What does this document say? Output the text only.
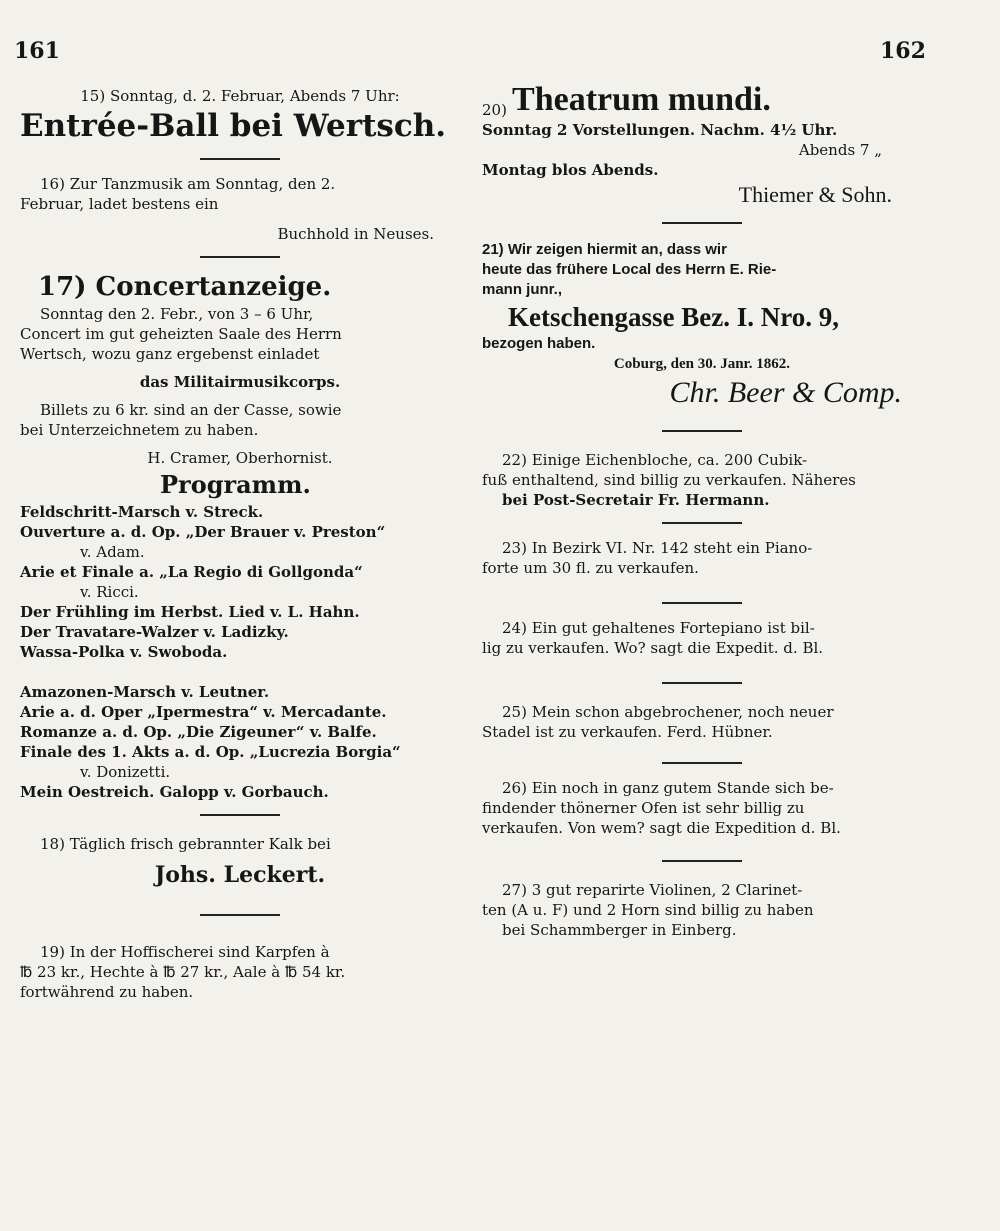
161	162
15) Sonntag, d. 2. Februar, Abends 7 Uhr:
Entrée-Ball bei Wertsch.
16) Zur Tanzmusik am Sonntag, den 2.
Februar, ladet bestens ein
Buchhold in Neuses.
17) Concertanzeige.
Sonntag den 2. Febr., von 3 – 6 Uhr,
Concert im gut geheizten Saale des Herrn
Wertsch, wozu ganz ergebenst einladet
das Militairmusikcorps.
Billets zu 6 kr. sind an der Casse, sowie
bei Unterzeichnetem zu haben.
H. Cramer, Oberhornist.
Programm.
Feldschritt-Marsch v. Streck.
Ouverture a. d. Op. „Der Brauer v. Preston“
v. Adam.
Arie et Finale a. „La Regio di Gollgonda“
v. Ricci.
Der Frühling im Herbst. Lied v. L. Hahn.
Der Travatare-Walzer v. Ladizky.
Wassa-Polka v. Swoboda.
Amazonen-Marsch v. Leutner.
Arie a. d. Oper „Ipermestra“ v. Mercadante.
Romanze a. d. Op. „Die Zigeuner“ v. Balfe.
Finale des 1. Akts a. d. Op. „Lucrezia Borgia“
v. Donizetti.
Mein Oestreich. Galopp v. Gorbauch.
18) Täglich frisch gebrannter Kalk bei
Johs. Leckert.
19) In der Hoffischerei sind Karpfen à
℔ 23 kr., Hechte à ℔ 27 kr., Aale à ℔ 54 kr.
fortwährend zu haben.
20) Theatrum mundi.
Sonntag 2 Vorstellungen. Nachm. 4½ Uhr.
Abends 7 „
Montag blos Abends.
Thiemer & Sohn.
21) Wir zeigen hiermit an, dass wir
heute das frühere Local des Herrn E. Rie-
mann junr.,
Ketschengasse Bez. I. Nro. 9,
bezogen haben.
Coburg, den 30. Janr. 1862.
Chr. Beer & Comp.
22) Einige Eichenbloche, ca. 200 Cubik-
fuß enthaltend, sind billig zu verkaufen. Näheres
bei Post-Secretair Fr. Hermann.
23) In Bezirk VI. Nr. 142 steht ein Piano-
forte um 30 fl. zu verkaufen.
24) Ein gut gehaltenes Fortepiano ist bil-
lig zu verkaufen. Wo? sagt die Expedit. d. Bl.
25) Mein schon abgebrochener, noch neuer
Stadel ist zu verkaufen. Ferd. Hübner.
26) Ein noch in ganz gutem Stande sich be-
findender thönerner Ofen ist sehr billig zu
verkaufen. Von wem? sagt die Expedition d. Bl.
27) 3 gut reparirte Violinen, 2 Clarinet-
ten (A u. F) und 2 Horn sind billig zu haben
bei Schammberger in Einberg.
